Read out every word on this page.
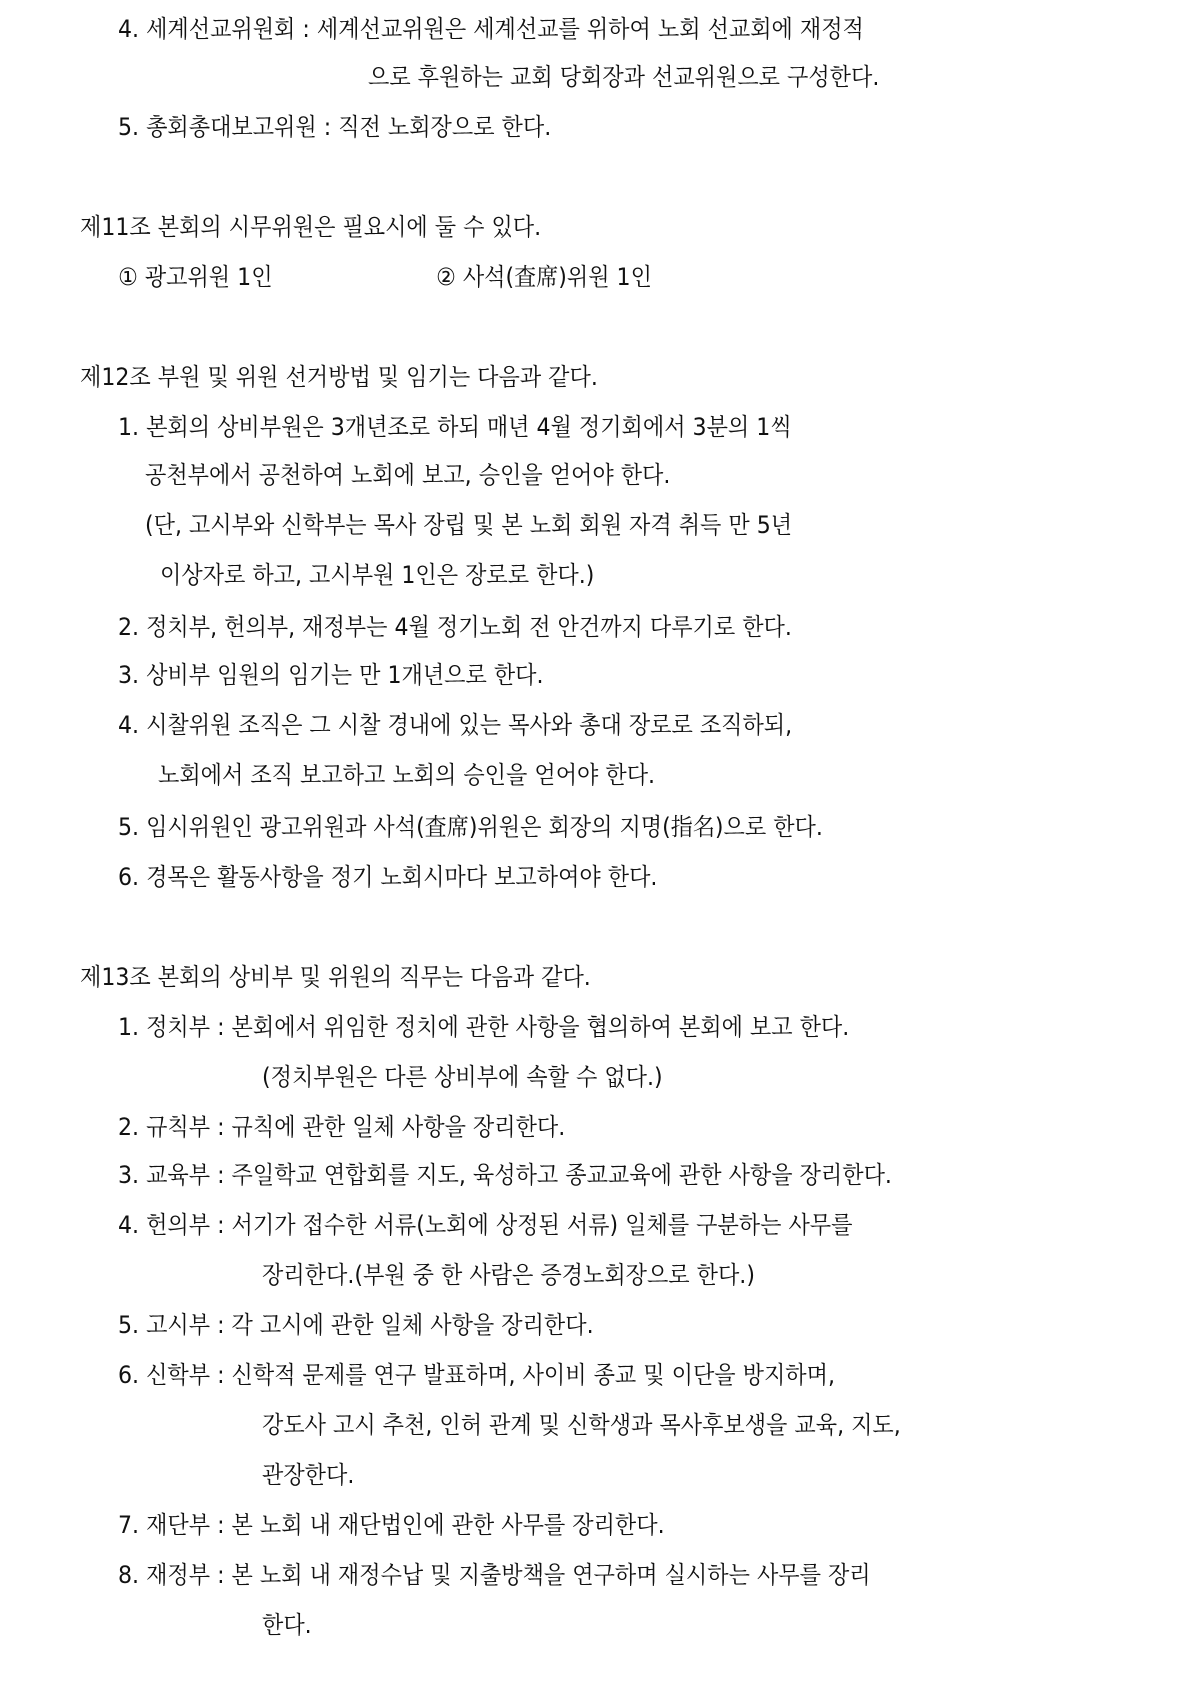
4. 세계선교위원회 : 세계선교위원은 세계선교를 위하여 노회 선교회에 재정적
으로 후원하는 교회 당회장과 선교위원으로 구성한다.
5. 총회총대보고위원 : 직전 노회장으로 한다.
제11조 본회의 시무위원은 필요시에 둘 수 있다.
① 광고위원 1인	② 사석(査席)위원 1인
제12조 부원 및 위원 선거방법 및 임기는 다음과 같다.
1. 본회의 상비부원은 3개년조로 하되 매년 4월 정기회에서 3분의 1씩
공천부에서 공천하여 노회에 보고, 승인을 얻어야 한다.
(단, 고시부와 신학부는 목사 장립 및 본 노회 회원 자격 취득 만 5년
이상자로 하고, 고시부원 1인은 장로로 한다.)
2. 정치부, 헌의부, 재정부는 4월 정기노회 전 안건까지 다루기로 한다.
3. 상비부 임원의 임기는 만 1개년으로 한다.
4. 시찰위원 조직은 그 시찰 경내에 있는 목사와 총대 장로로 조직하되,
노회에서 조직 보고하고 노회의 승인을 얻어야 한다.
5. 임시위원인 광고위원과 사석(査席)위원은 회장의 지명(指名)으로 한다.
6. 경목은 활동사항을 정기 노회시마다 보고하여야 한다.
제13조 본회의 상비부 및 위원의 직무는 다음과 같다.
1. 정치부 : 본회에서 위임한 정치에 관한 사항을 협의하여 본회에 보고 한다.
(정치부원은 다른 상비부에 속할 수 없다.)
2. 규칙부 : 규칙에 관한 일체 사항을 장리한다.
3. 교육부 : 주일학교 연합회를 지도, 육성하고 종교교육에 관한 사항을 장리한다.
4. 헌의부 : 서기가 접수한 서류(노회에 상정된 서류) 일체를 구분하는 사무를
장리한다.(부원 중 한 사람은 증경노회장으로 한다.)
5. 고시부 : 각 고시에 관한 일체 사항을 장리한다.
6. 신학부 : 신학적 문제를 연구 발표하며, 사이비 종교 및 이단을 방지하며,
강도사 고시 추천, 인허 관계 및 신학생과 목사후보생을 교육, 지도,
관장한다.
7. 재단부 : 본 노회 내 재단법인에 관한 사무를 장리한다.
8. 재정부 : 본 노회 내 재정수납 및 지출방책을 연구하며 실시하는 사무를 장리
한다.
